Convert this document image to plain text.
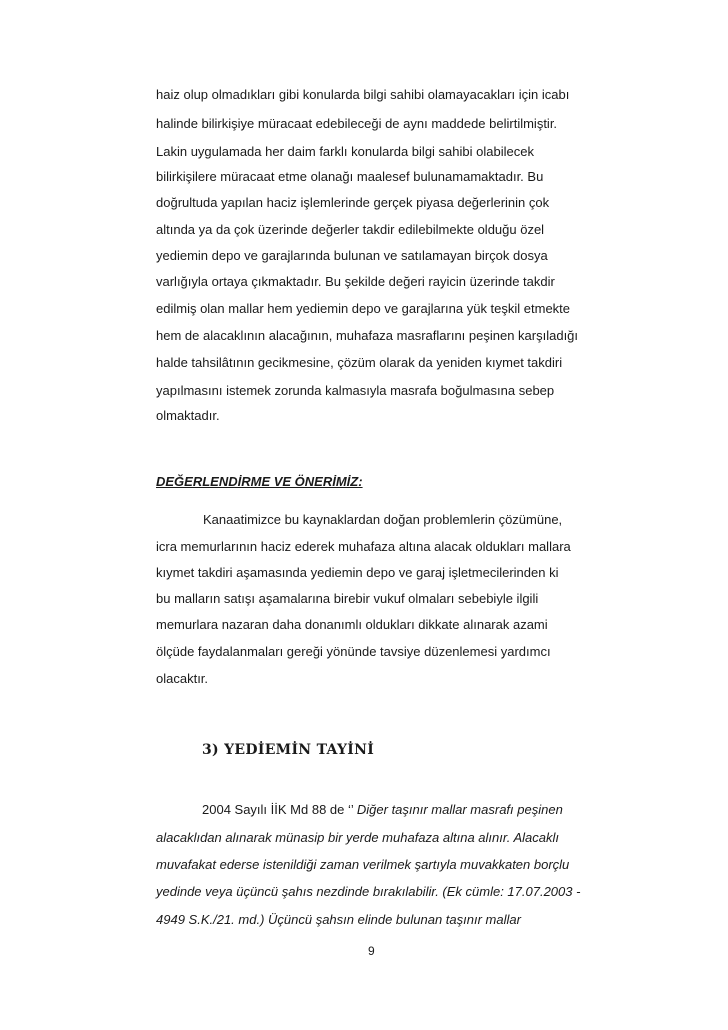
haiz olup olmadıkları gibi konularda bilgi sahibi olamayacakları için icabı
halinde bilirkişiye müracaat edebileceği de aynı maddede belirtilmiştir.
Lakin uygulamada her daim farklı konularda bilgi sahibi olabilecek
bilirkişilere müracaat etme olanağı maalesef bulunamamaktadır. Bu
doğrultuda yapılan haciz işlemlerinde gerçek piyasa değerlerinin çok
altında ya da çok üzerinde değerler takdir edilebilmekte olduğu özel
yediemin depo ve garajlarında bulunan ve satılamayan birçok dosya
varlığıyla ortaya çıkmaktadır. Bu şekilde değeri rayicin üzerinde takdir
edilmiş olan mallar hem yediemin depo ve garajlarına yük teşkil etmekte
hem de alacaklının alacağının, muhafaza masraflarını peşinen karşıladığı
halde tahsilâtının gecikmesine, çözüm olarak da yeniden kıymet takdiri
yapılmasını istemek zorunda kalmasıyla masrafa boğulmasına sebep
olmaktadır.
DEĞERLENDİRME VE ÖNERİMİZ:
Kanaatimizce bu kaynaklardan doğan problemlerin çözümüne,
icra memurlarının haciz ederek muhafaza altına alacak oldukları mallara
kıymet takdiri aşamasında yediemin depo ve garaj işletmecilerinden ki
bu malların satışı aşamalarına birebir vukuf olmaları sebebiyle ilgili
memurlara nazaran daha donanımlı oldukları dikkate alınarak azami
ölçüde faydalanmaları gereği yönünde tavsiye düzenlemesi yardımcı
olacaktır.
3) YEDİEMİN TAYİNİ
2004 Sayılı İİK Md 88 de ‘’ Diğer taşınır mallar masrafı peşinen
alacaklıdan alınarak münasip bir yerde muhafaza altına alınır. Alacaklı
muvafakat ederse istenildiği zaman verilmek şartıyla muvakkaten borçlu
yedinde veya üçüncü şahıs nezdinde bırakılabilir. (Ek cümle: 17.07.2003 -
4949 S.K./21. md.) Üçüncü şahsın elinde bulunan taşınır mallar
9
